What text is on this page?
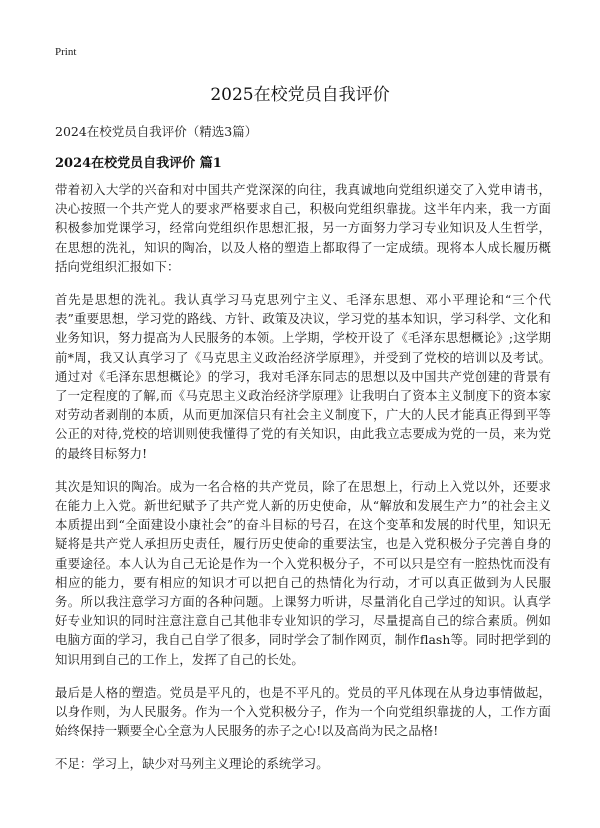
Print
2025在校党员自我评价
2024在校党员自我评价（精选3篇）
2024在校党员自我评价 篇1

带着初入大学的兴奋和对中国共产党深深的向往，我真诚地向党组织递交了入党申请书，决心按照一个共产党人的要求严格要求自己，积极向党组织靠拢。这半年内来，我一方面积极参加党课学习，经常向党组织作思想汇报，另一方面努力学习专业知识及人生哲学，在思想的洗礼，知识的陶冶，以及人格的塑造上都取得了一定成绩。现将本人成长履历概括向党组织汇报如下：

首先是思想的洗礼。我认真学习马克思列宁主义、毛泽东思想、邓小平理论和“三个代表”重要思想，学习党的路线、方针、政策及决议，学习党的基本知识，学习科学、文化和业务知识，努力提高为人民服务的本领。上学期，学校开设了《毛泽东思想概论》;这学期前*周，我又认真学习了《马克思主义政治经济学原理》，并受到了党校的培训以及考试。通过对《毛泽东思想概论》的学习，我对毛泽东同志的思想以及中国共产党创建的背景有了一定程度的了解,而《马克思主义政治经济学原理》让我明白了资本主义制度下的资本家对劳动者剥削的本质，从而更加深信只有社会主义制度下，广大的人民才能真正得到平等公正的对待,党校的培训则使我懂得了党的有关知识，由此我立志要成为党的一员，来为党的最终目标努力!

其次是知识的陶冶。成为一名合格的共产党员，除了在思想上，行动上入党以外，还要求在能力上入党。新世纪赋予了共产党人新的历史使命，从“解放和发展生产力”的社会主义本质提出到“全面建设小康社会”的奋斗目标的号召，在这个变革和发展的时代里，知识无疑将是共产党人承担历史责任，履行历史使命的重要法宝，也是入党积极分子完善自身的重要途径。本人认为自己无论是作为一个入党积极分子，不可以只是空有一腔热忱而没有相应的能力，要有相应的知识才可以把自己的热情化为行动，才可以真正做到为人民服务。所以我注意学习方面的各种问题。上课努力听讲，尽量消化自己学过的知识。认真学好专业知识的同时注意注意自己其他非专业知识的学习，尽量提高自己的综合素质。例如电脑方面的学习，我自己自学了很多，同时学会了制作网页，制作flash等。同时把学到的知识用到自己的工作上，发挥了自己的长处。

最后是人格的塑造。党员是平凡的，也是不平凡的。党员的平凡体现在从身边事情做起，以身作则，为人民服务。作为一个入党积极分子，作为一个向党组织靠拢的人，工作方面始终保持一颗要全心全意为人民服务的赤子之心!以及高尚为民之品格!

不足：学习上，缺少对马列主义理论的系统学习。
